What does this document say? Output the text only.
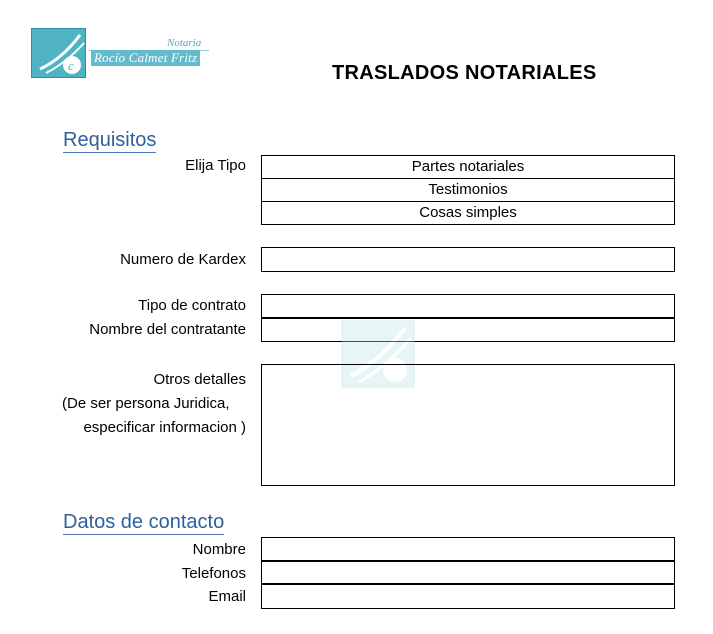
c
Notaria
Rocío Calmet Fritz
TRASLADOS NOTARIALES
Requisitos
Elija Tipo	Partes notariales
Testimonios
Cosas simples
Numero de Kardex
Tipo de contrato
Nombre del contratante
Otros detalles
(De ser persona Juridica,
especificar informacion )
Datos de contacto
Nombre
Telefonos
Email
